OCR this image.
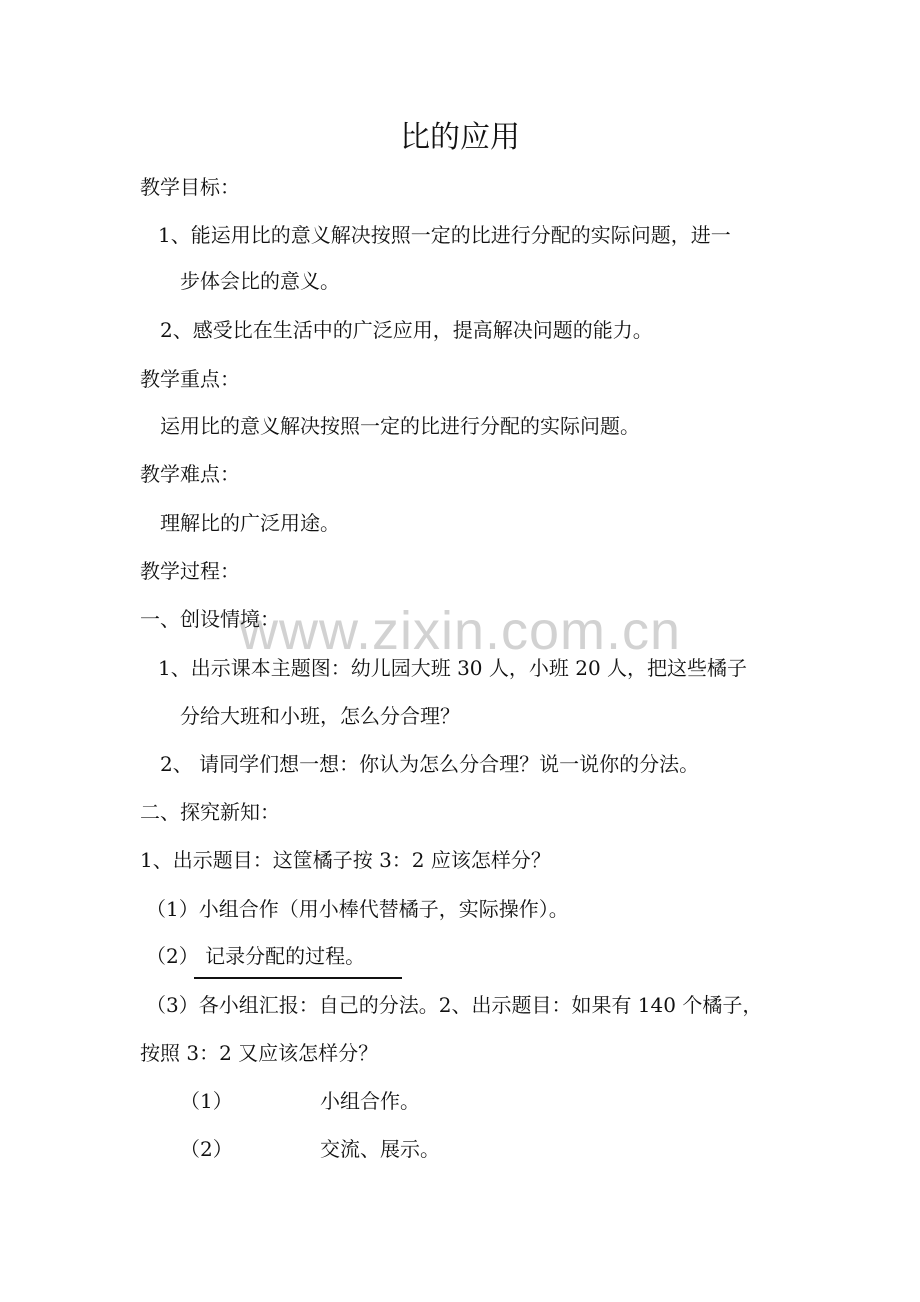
比的应用
www.zixin.com.cn
教学目标：
1、能运用比的意义解决按照一定的比进行分配的实际问题，进一
步体会比的意义。
2、感受比在生活中的广泛应用，提高解决问题的能力。
教学重点：
运用比的意义解决按照一定的比进行分配的实际问题。
教学难点：
理解比的广泛用途。
教学过程：
一、创设情境：
1、出示课本主题图：幼儿园大班 30 人，小班 20 人，把这些橘子
分给大班和小班，怎么分合理？
2、 请同学们想一想：你认为怎么分合理？说一说你的分法。
二、探究新知：
1、出示题目：这筐橘子按 3：2 应该怎样分？
（1）小组合作（用小棒代替橘子，实际操作）。
（2） 记录分配的过程。
（3）各小组汇报：自己的分法。2、出示题目：如果有 140 个橘子，
按照 3：2 又应该怎样分？
（1）	小组合作。
（2）	交流、展示。
